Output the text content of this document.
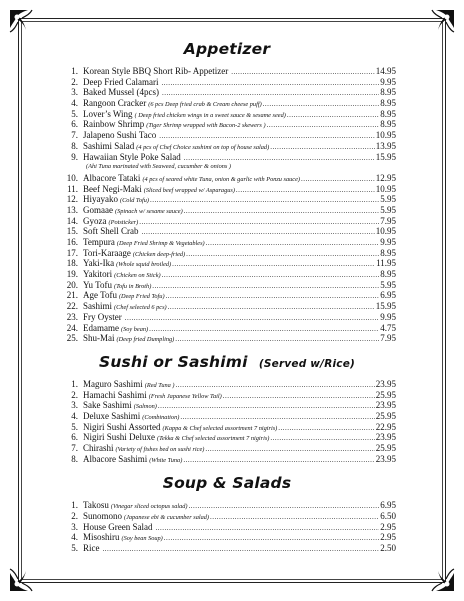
Appetizer
1. Korean Style BBQ Short Rib- Appetizer .....	14.95
2. Deep Fried Calamari .....	9.95
3. Baked Mussel (4pcs) .....	8.95
4. Rangoon Cracker (6 pcs Deep fried crab & Cream cheese puff) .....	8.95
5. Lover’s Wing ( Deep fried chicken wings in a sweet sauce & sesame seed) .....	8.95
6. Rainbow Shrimp (Tiger Shrimp wrapped with Bacon-2 skewers ) .....	8.95
7. Jalapeno Sushi Taco .....	10.95
8. Sashimi Salad (4 pcs of Chef Choice sashimi on top of house salad) .....	13.95
9. Hawaiian Style Poke Salad .....	15.95
(Ahi Tuna marinated with Seaweed, cucumber & onions )
10. Albacore Tataki (4 pcs of seared white Tuna, onion & garlic with Ponzu sauce) .....	12.95
11. Beef Negi-Maki (Sliced beef wrapped w/ Asparagus) .....	10.95
12. Hiyayako (Cold Tofu) .....	5.95
13. Gomaae (Spinach w/ sesame sauce) .....	5.95
14. Gyoza (Potsticker) .....	7.95
15. Soft Shell Crab .....	10.95
16. Tempura (Deep Fried Shrimp & Vegetables) .....	9.95
17. Tori-Karaage (Chicken deep-fried) .....	8.95
18. Yaki-Ika (Whole squid broiled) .....	11.95
19. Yakitori (Chicken on Stick) .....	8.95
20. Yu Tofu (Tofu in Broth) .....	5.95
21. Age Tofu (Deep Fried Tofu) .....	6.95
22. Sashimi (Chef selected 6 pcs) .....	15.95
23. Fry Oyster .....	9.95
24. Edamame (Soy bean) .....	4.75
25. Shu-Mai (Deep fried Dumpling) .....	7.95
Sushi or Sashimi (Served w/Rice)
1. Maguro Sashimi (Red Tuna ) .....	23.95
2. Hamachi Sashimi (Fresh Japanese Yellow Tail) .....	25.95
3. Sake Sashimi (Salmon) .....	23.95
4. Deluxe Sashimi (Combination) .....	25.95
5. Nigiri Sushi Assorted (Kappa & Chef selected assortment 7 nigiris) .....	22.95
6. Nigiri Sushi Deluxe (Tekka & Chef selected assortment 7 nigiris) .....	23.95
7. Chirashi (Variety of fishes bed on sushi rice) .....	25.95
8. Albacore Sashimi (White Tuna) .....	23.95
Soup & Salads
1. Takosu (Vinegar sliced octopus salad) .....	6.95
2. Sunomono (Japanese ebi & cucumber salad) .....	6.50
3. House Green Salad .....	2.95
4. Misoshiru (Soy bean Soup) .....	2.95
5. Rice .....	2.50
